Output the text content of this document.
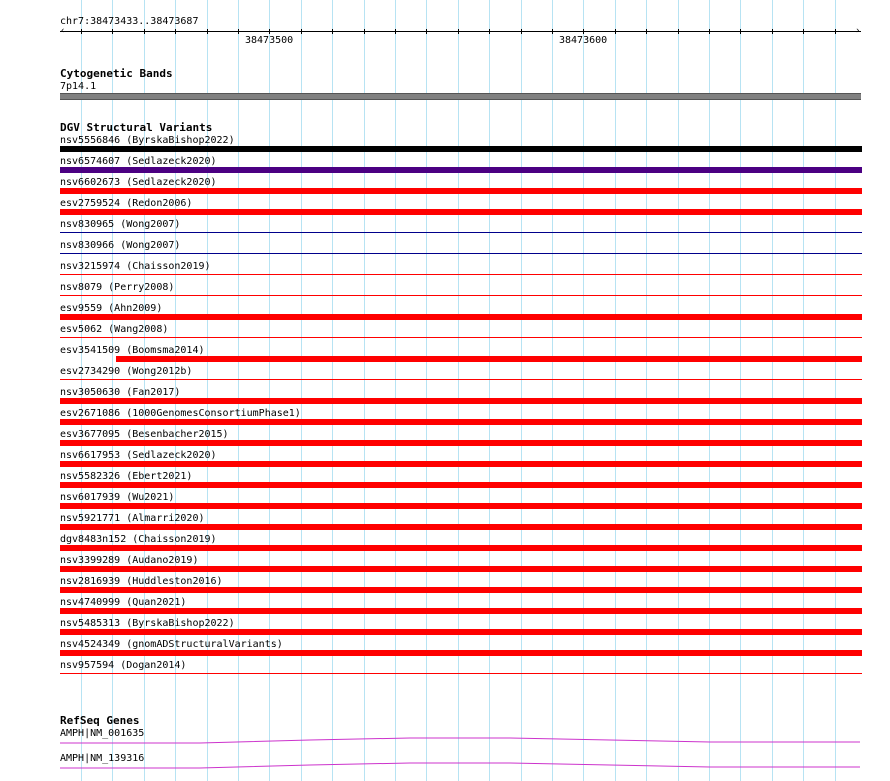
chr7:38473433..38473687
‹	›
38473500	38473600
Cytogenetic Bands
7p14.1
DGV Structural Variants
nsv5556846 (ByrskaBishop2022)
nsv6574607 (Sedlazeck2020)
nsv6602673 (Sedlazeck2020)
esv2759524 (Redon2006)
nsv830965 (Wong2007)
nsv830966 (Wong2007)
nsv3215974 (Chaisson2019)
nsv8079 (Perry2008)
esv9559 (Ahn2009)
esv5062 (Wang2008)
esv3541509 (Boomsma2014)
esv2734290 (Wong2012b)
nsv3050630 (Fan2017)
esv2671086 (1000GenomesConsortiumPhase1)
esv3677095 (Besenbacher2015)
nsv6617953 (Sedlazeck2020)
nsv5582326 (Ebert2021)
nsv6017939 (Wu2021)
nsv5921771 (Almarri2020)
dgv8483n152 (Chaisson2019)
nsv3399289 (Audano2019)
nsv2816939 (Huddleston2016)
nsv4740999 (Quan2021)
nsv5485313 (ByrskaBishop2022)
nsv4524349 (gnomADStructuralVariants)
nsv957594 (Dogan2014)
RefSeq Genes
AMPH|NM_001635
AMPH|NM_139316
